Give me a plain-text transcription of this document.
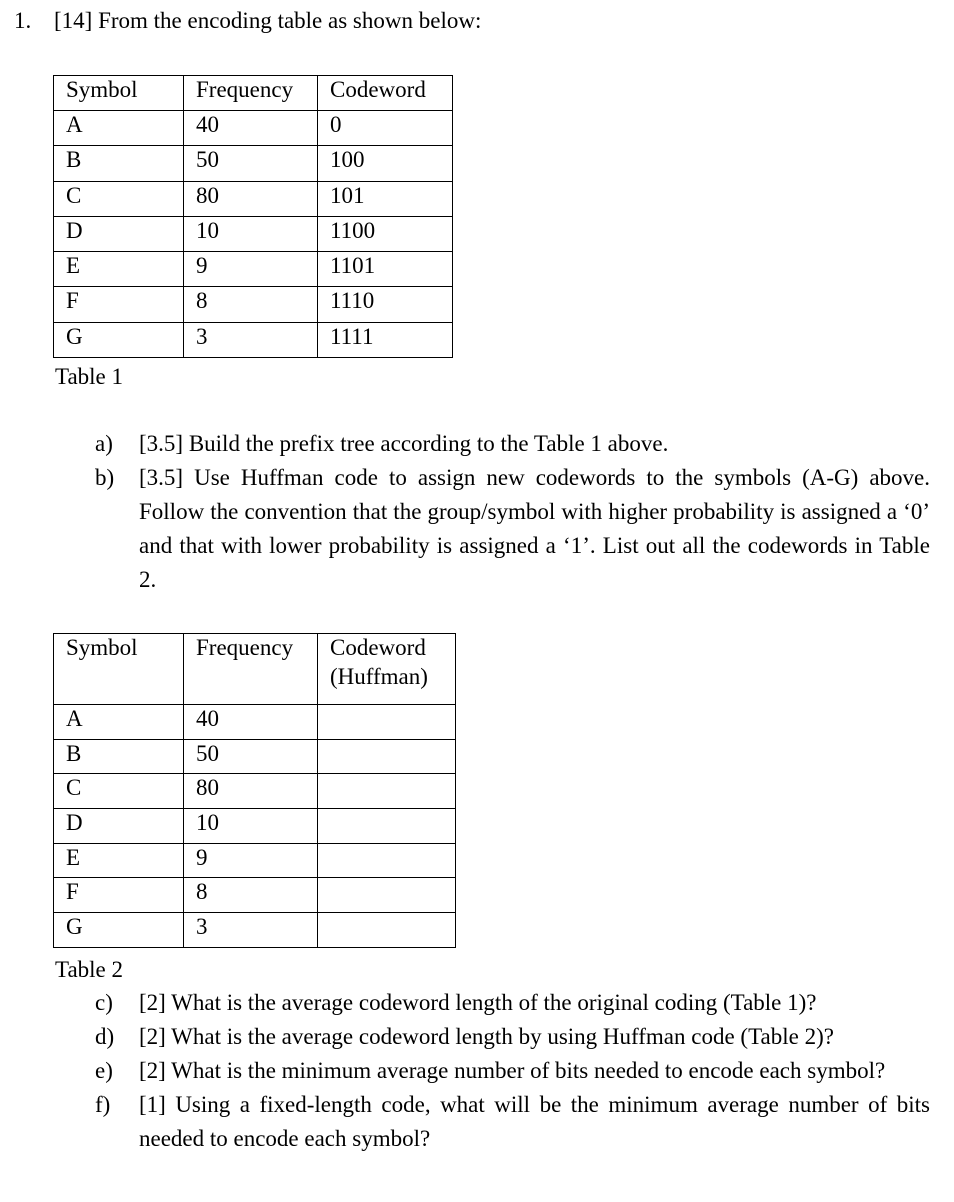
1. [14] From the encoding table as shown below:
Symbol	Frequency	Codeword
A	40	0
B	50	100
C	80	101
D	10	1100
E	9	1101
F	8	1110
G	3	1111
Table 1
a) [3.5] Build the prefix tree according to the Table 1 above.
b) [3.5] Use Huffman code to assign new codewords to the symbols (A-G) above. Follow the convention that the group/symbol with higher probability is assigned a ‘0’ and that with lower probability is assigned a ‘1’. List out all the codewords in Table 2.
Symbol	Frequency	Codeword
(Huffman)
A	40	
B	50	
C	80	
D	10	
E	9	
F	8	
G	3	
Table 2
c) [2] What is the average codeword length of the original coding (Table 1)?
d) [2] What is the average codeword length by using Huffman code (Table 2)?
e) [2] What is the minimum average number of bits needed to encode each symbol?
f) [1] Using a fixed-length code, what will be the minimum average number of bits needed to encode each symbol?
